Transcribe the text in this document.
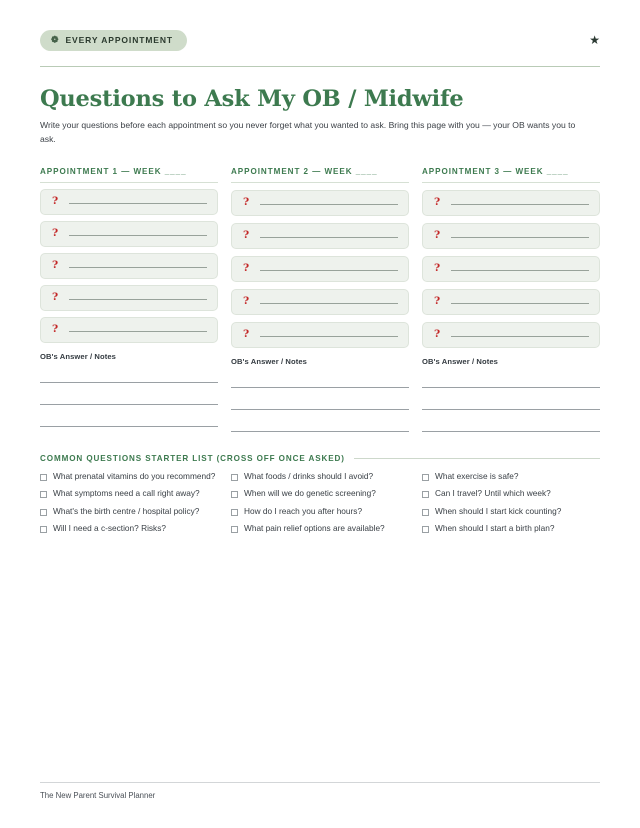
❁ EVERY APPOINTMENT	★
Questions to Ask My OB / Midwife

Write your questions before each appointment so you never forget what you wanted to ask. Bring this page with you — your OB wants you to ask.

APPOINTMENT 1 — WEEK ____
?
?
?
?
?
OB's Answer / Notes
APPOINTMENT 2 — WEEK ____
?
?
?
?
?
OB's Answer / Notes
APPOINTMENT 3 — WEEK ____
?
?
?
?
?
OB's Answer / Notes
COMMON QUESTIONS STARTER LIST (CROSS OFF ONCE ASKED)
What prenatal vitamins do you recommend?
What symptoms need a call right away?
What's the birth centre / hospital policy?
Will I need a c-section? Risks?
What foods / drinks should I avoid?
When will we do genetic screening?
How do I reach you after hours?
What pain relief options are available?
What exercise is safe?
Can I travel? Until which week?
When should I start kick counting?
When should I start a birth plan?
The New Parent Survival Planner
